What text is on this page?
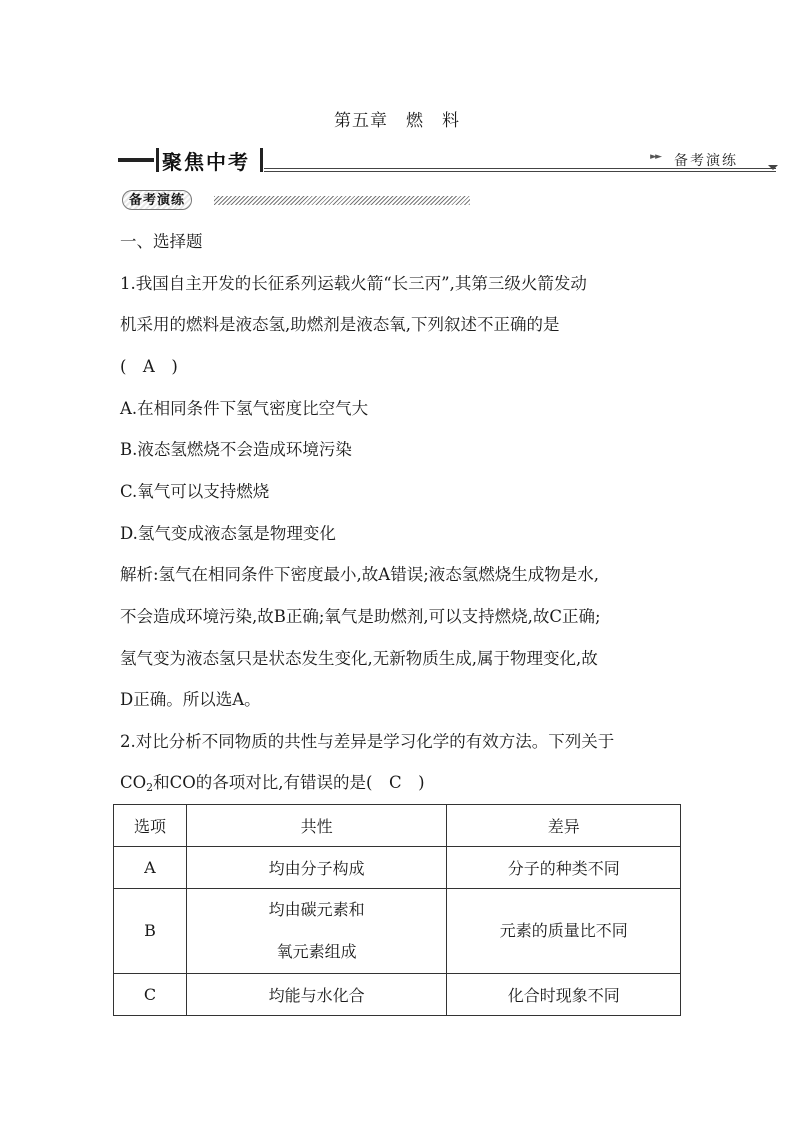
第五章　燃　料
聚焦中考	►► 备考演练
备考演练
一、选择题
1.我国自主开发的长征系列运载火箭“长三丙”,其第三级火箭发动
机采用的燃料是液态氢,助燃剂是液态氧,下列叙述不正确的是
(　A　)
A.在相同条件下氢气密度比空气大
B.液态氢燃烧不会造成环境污染
C.氧气可以支持燃烧
D.氢气变成液态氢是物理变化
解析:氢气在相同条件下密度最小,故A错误;液态氢燃烧生成物是水,
不会造成环境污染,故B正确;氧气是助燃剂,可以支持燃烧,故C正确;
氢气变为液态氢只是状态发生变化,无新物质生成,属于物理变化,故
D正确。所以选A。
2.对比分析不同物质的共性与差异是学习化学的有效方法。下列关于
$CO_2$和CO的各项对比,有错误的是(　C　)
选项	共性	差异
A	均由分子构成	分子的种类不同
B	均由碳元素和
氧元素组成	元素的质量比不同
C	均能与水化合	化合时现象不同
